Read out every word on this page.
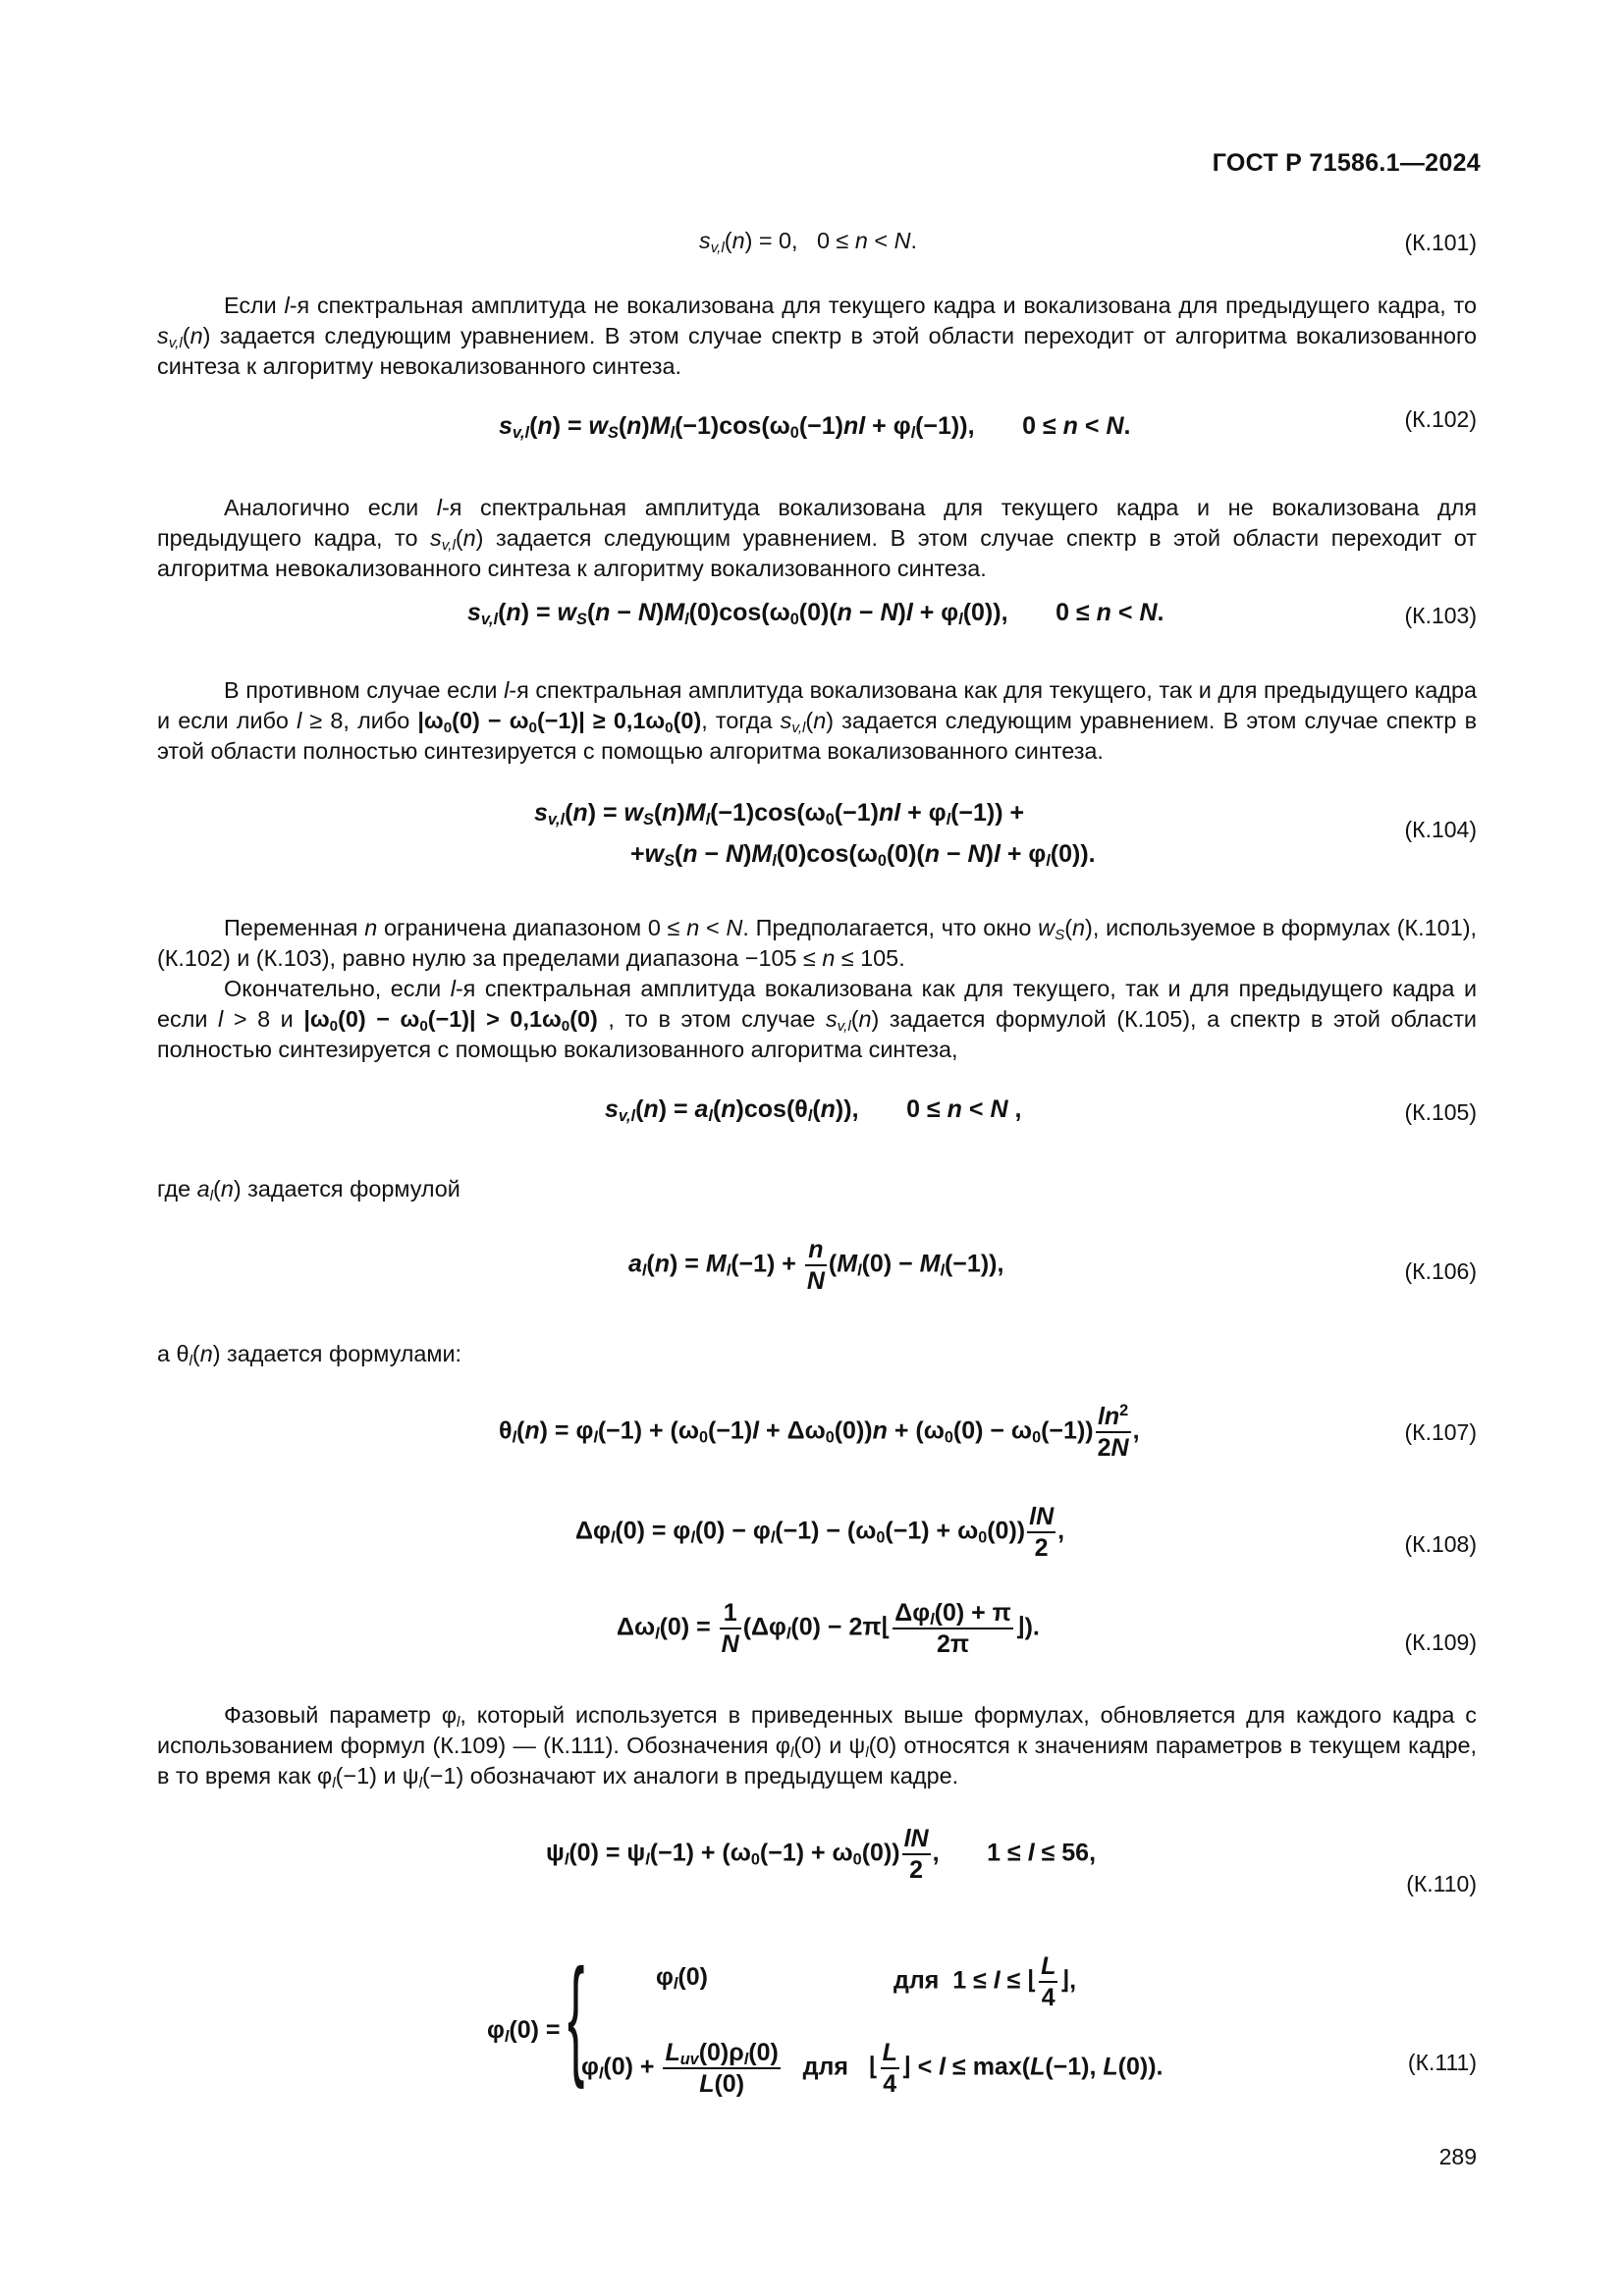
ГОСТ Р 71586.1—2024
$s_{v,l}(n) = 0$,   0 ≤ n < N.	(К.101)

Если l-я спектральная амплитуда не вокализована для текущего кадра и вокализована для предыдущего кадра, то $s_{v,l}(n)$ задается следующим уравнением. В этом случае спектр в этой области переходит от алгоритма вокализованного синтеза к алгоритму невокализованного синтеза.

$s_{v,l}(n) = w_S(n)M_l(-1)\cos(\omega_0(-1)nl + \varphi_l(-1))$,       0 ≤ n < N.	(К.102)

Аналогично если l-я спектральная амплитуда вокализована для текущего кадра и не вокализована для предыдущего кадра, то $s_{v,l}(n)$ задается следующим уравнением. В этом случае спектр в этой области переходит от алгоритма невокализованного синтеза к алгоритму вокализованного синтеза.

$s_{v,l}(n) = w_S(n - N)M_l(0)\cos(\omega_0(0)(n - N)l + \varphi_l(0))$,       0 ≤ n < N.	(К.103)

В противном случае если l-я спектральная амплитуда вокализована как для текущего, так и для предыдущего кадра и если либо l ≥ 8, либо $|\omega_0(0) - \omega_0(-1)| \ge 0,1\omega_0(0)$, тогда $s_{v,l}(n)$ задается следующим уравнением. В этом случае спектр в этой области полностью синтезируется с помощью алгоритма вокализованного синтеза.

$s_{v,l}(n) = w_S(n)M_l(-1)\cos(\omega_0(-1)nl + \varphi_l(-1))$ +
$+w_S(n - N)M_l(0)\cos(\omega_0(0)(n - N)l + \varphi_l(0))$.
(К.104)

Переменная n ограничена диапазоном 0 ≤ n < N. Предполагается, что окно $w_S(n)$, используемое в формулах (К.101), (К.102) и (К.103), равно нулю за пределами диапазона −105 ≤ n ≤ 105.

Окончательно, если l-я спектральная амплитуда вокализована как для текущего, так и для предыдущего кадра и если l > 8 и $|\omega_0(0) - \omega_0(-1)| > 0,1\omega_0(0)$ , то в этом случае $s_{v,l}(n)$ задается формулой (К.105), а спектр в этой области полностью синтезируется с помощью вокализованного алгоритма синтеза,

$s_{v,l}(n) = a_l(n)\cos(\theta_l(n))$,       0 ≤ n < N ,	(К.105)

где $a_l(n)$ задается формулой

$a_l(n) = M_l(-1) + \frac{n}{N} (M_l(0) - M_l(-1))$,	(К.106)

а $\theta_l(n)$ задается формулами:

$\theta_l(n) = \varphi_l(-1) + (\omega_0(-1)l + \Delta\omega_0(0))n + (\omega_0(0) - \omega_0(-1)) \frac{\ln^2}{2N}$ ,	(К.107)
$\Delta\varphi_l(0) = \varphi_l(0) - \varphi_l(-1) - (\omega_0(-1) + \omega_0(0)) \frac{lN}{2}$ ,	(К.108)
$\Delta\omega_l(0) = \frac{1}{N} (\Delta\varphi_l(0)$ − 2π⌊ $\frac{\Delta\varphi_l(0) + \pi}{2\pi}$ ⌋).
(К.109)

Фазовый параметр $\varphi_l$, который используется в приведенных выше формулах, обновляется для каждого кадра с использованием формул (К.109) — (К.111). Обозначения $\varphi_l(0)$ и $\psi_l(0)$ относятся к значениям параметров в текущем кадре, в то время как $\varphi_l(-1)$ и $\psi_l(-1)$ обозначают их аналоги в предыдущем кадре.

$\psi_l(0) = \psi_l(-1) + (\omega_0(-1) + \omega_0(0)) \frac{lN}{2}$ ,       1 ≤ l ≤ 56,
(К.110)
$\varphi_l(0)$ = {	$\varphi_l(0)$	для  1 ≤ l ≤ ⌊ $\frac{L}{4}$ ⌋,
$\varphi_l(0) + \frac{L_{uv}(0)\rho_l(0)}{L(0)}$ для   ⌊ $\frac{L}{4}$ ⌋ < l ≤ max(L(−1), L(0)).	(К.111)
289
